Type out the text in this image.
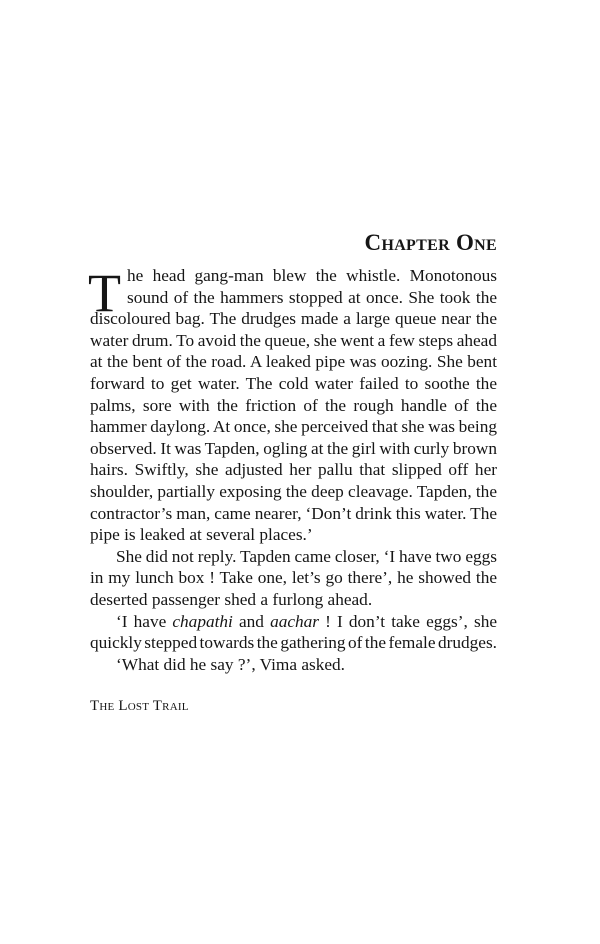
Chapter One
T he head gang-man blew the whistle. Monotonous
sound of the hammers stopped at once. She took the
discoloured bag. The drudges made a large queue near the
water drum. To avoid the queue, she went a few steps ahead
at the bent of the road. A leaked pipe was oozing. She bent
forward to get water. The cold water failed to soothe the
palms, sore with the friction of the rough handle of the
hammer daylong. At once, she perceived that she was being
observed. It was Tapden, ogling at the girl with curly brown
hairs. Swiftly, she adjusted her pallu that slipped off her
shoulder, partially exposing the deep cleavage. Tapden, the
contractor’s man, came nearer, ‘Don’t drink this water. The
pipe is leaked at several places.’
She did not reply. Tapden came closer, ‘I have two eggs
in my lunch box ! Take one, let’s go there’, he showed the
deserted passenger shed a furlong ahead.
‘I have chapathi and aachar ! I don’t take eggs’, she
quickly stepped towards the gathering of the female drudges.
‘What did he say ?’, Vima asked.
The Lost Trail
